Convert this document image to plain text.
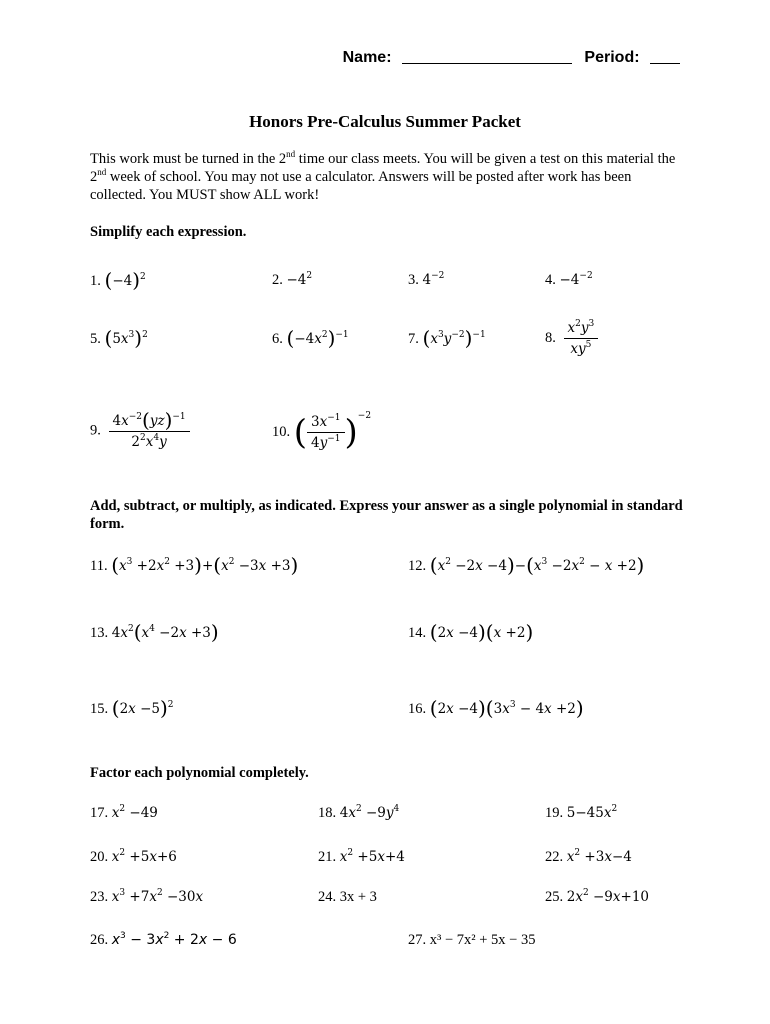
Name:	Period:
Honors Pre-Calculus Summer Packet
This work must be turned in the 2nd time our class meets. You will be given a test on this material the 2nd week of school. You may not use a calculator. Answers will be posted after work has been collected. You MUST show ALL work!
Simplify each expression.
1. $(-4)^2$	2. $-4^2$	3. $4^{-2}$	4. $-4^{-2}$
5. $(5x^3)^2$	6. $(-4x^2)^{-1}$	7. $(x^3y^{-2})^{-1}$	8. $\frac{x^2y^3}{xy^5}$
9. $\frac{4x^{-2}(yz)^{-1}}{2^2x^4y}$	10. ( $\frac{3x^{-1}}{4y^{-1}} )^{-2}$
Add, subtract, or multiply, as indicated. Express your answer as a single polynomial in standard form.
11. $(x^3 +2x^2 +3)+(x^2 -3x +3)$	12. $(x^2 -2x -4)-(x^3 -2x^2 - x +2)$
13. $4x^2(x^4 -2x +3)$	14. (2x −4)(x +2)
15. $(2x -5)^2$	16. $(2x -4)(3x^3 - 4x +2)$
Factor each polynomial completely.
17. $x^2 -49$	18. $4x^2 -9y^4$	19. $5-45x^2$
20. $x^2 +5x+6$	21. $x^2 +5x+4$	22. $x^2 +3x-4$
23. $x^3 +7x^2 -30x$	24. 3x + 3	25. $2x^2 -9x+10$
26. $x^3 - 3x^2 + 2x - 6$	27. x³ − 7x² + 5x − 35
